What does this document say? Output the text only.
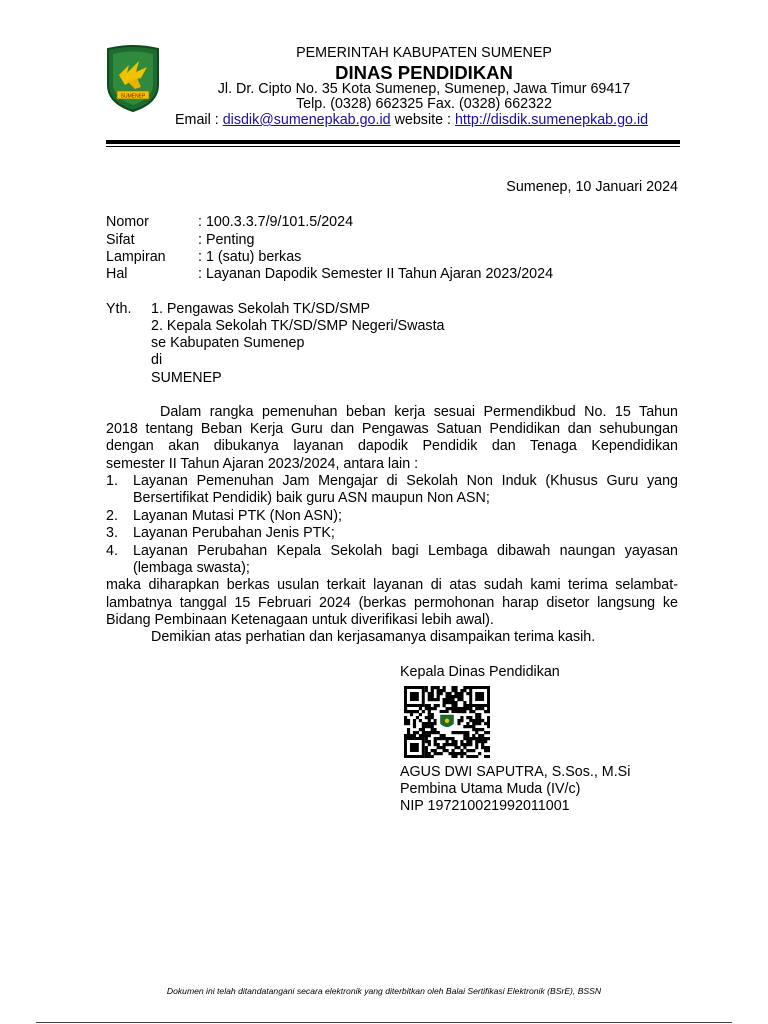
SUMENEP
PEMERINTAH KABUPATEN SUMENEP
DINAS PENDIDIKAN
Jl. Dr. Cipto No. 35 Kota Sumenep, Sumenep, Jawa Timur 69417
Telp. (0328) 662325 Fax. (0328) 662322
Email : disdik@sumenepkab.go.id website : http://disdik.sumenepkab.go.id
Sumenep, 10 Januari 2024
Nomor	: 100.3.3.7/9/101.5/2024
Sifat	: Penting
Lampiran : 1 (satu) berkas
Hal	: Layanan Dapodik Semester II Tahun Ajaran 2023/2024
Yth. 1. Pengawas Sekolah TK/SD/SMP
2. Kepala Sekolah TK/SD/SMP Negeri/Swasta
se Kabupaten Sumenep
di
SUMENEP
Dalam rangka pemenuhan beban kerja sesuai Permendikbud No. 15 Tahun
2018 tentang Beban Kerja Guru dan Pengawas Satuan Pendidikan dan sehubungan
dengan akan dibukanya layanan dapodik Pendidik dan Tenaga Kependidikan
semester II Tahun Ajaran 2023/2024, antara lain :
1. Layanan Pemenuhan Jam Mengajar di Sekolah Non Induk (Khusus Guru yang
Bersertifikat Pendidik) baik guru ASN maupun Non ASN;
2. Layanan Mutasi PTK (Non ASN);
3. Layanan Perubahan Jenis PTK;
4. Layanan Perubahan Kepala Sekolah bagi Lembaga dibawah naungan yayasan
(lembaga swasta);
maka diharapkan berkas usulan terkait layanan di atas sudah kami terima selambat-
lambatnya tanggal 15 Februari 2024 (berkas permohonan harap disetor langsung ke
Bidang Pembinaan Ketenagaan untuk diverifikasi lebih awal).
Demikian atas perhatian dan kerjasamanya disampaikan terima kasih.
Kepala Dinas Pendidikan
AGUS DWI SAPUTRA, S.Sos., M.Si
Pembina Utama Muda (IV/c)
NIP 197210021992011001
Dokumen ini telah ditandatangani secara elektronik yang diterbitkan oleh Balai Sertifikasi Elektronik (BSrE), BSSN
